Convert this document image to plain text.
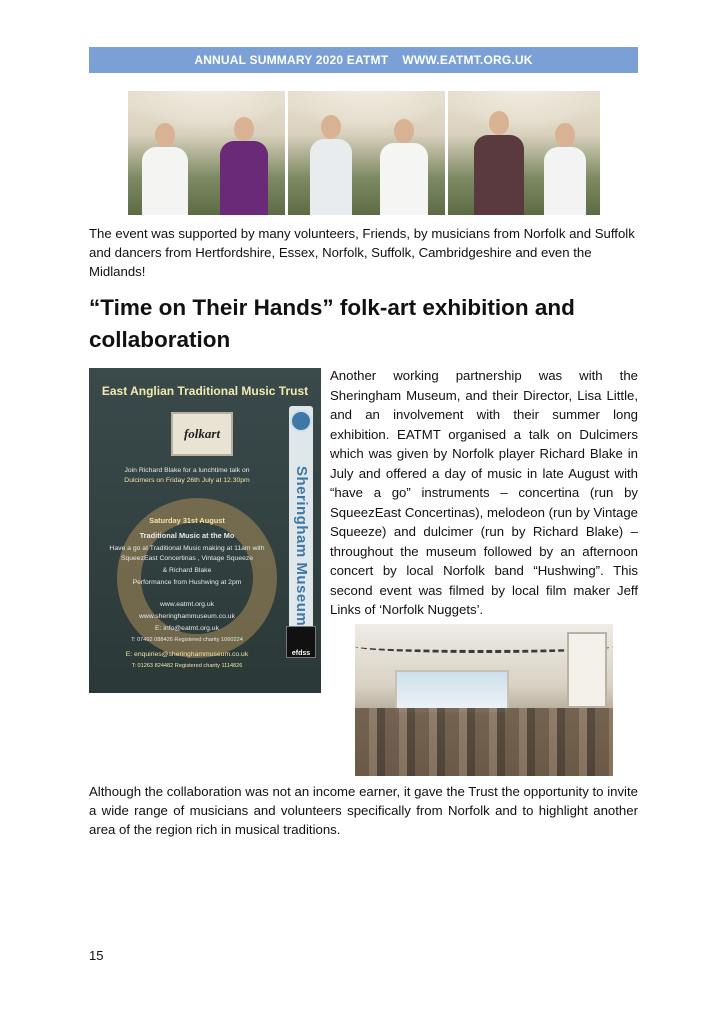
ANNUAL SUMMARY 2020 EATMT    WWW.EATMT.ORG.UK
The event was supported by many volunteers, Friends, by musicians from Norfolk and Suffolk and dancers from Hertfordshire, Essex, Norfolk, Suffolk, Cambridgeshire and even the Midlands!
“Time on Their Hands” folk-art exhibition and collaboration
East Anglian Traditional Music Trust
folkart
Join Richard Blake for a lunchtime talk on
Dulcimers on Friday 26th July at 12.30pm
Saturday 31st August
Traditional Music at the Mo
Have a go at Traditional Music making at 11am with
SqueezEast Concertinas , Vintage Squeeze
& Richard Blake
Performance from Hushwing at 2pm
www.eatmt.org.uk
www.sheringhammuseum.co.uk
E: info@eatmt.org.uk
T: 07492 088426 Registered charity 1060224
E: enquiries@sheringhammuseum.co.uk
T: 01263 824482 Registered charity 1114826
Sheringham Museum
efdss
Another working partnership was with the Sheringham Museum, and their Director, Lisa Little, and an involvement with their summer long exhibition. EATMT organised a talk on Dulcimers which was given by Norfolk player Richard Blake in July and offered a day of music in late August with “have a go” instruments – concertina (run by SqueezEast Concertinas), melodeon (run by Vintage Squeeze) and dulcimer (run by Richard Blake) – throughout the museum followed by an afternoon concert by local Norfolk band “Hushwing”. This second event was filmed by local film maker Jeff Links of ‘Norfolk Nuggets’.
Although the collaboration was not an income earner, it gave the Trust the opportunity to invite a wide range of musicians and volunteers specifically from Norfolk and to highlight another area of the region rich in musical traditions.
15
